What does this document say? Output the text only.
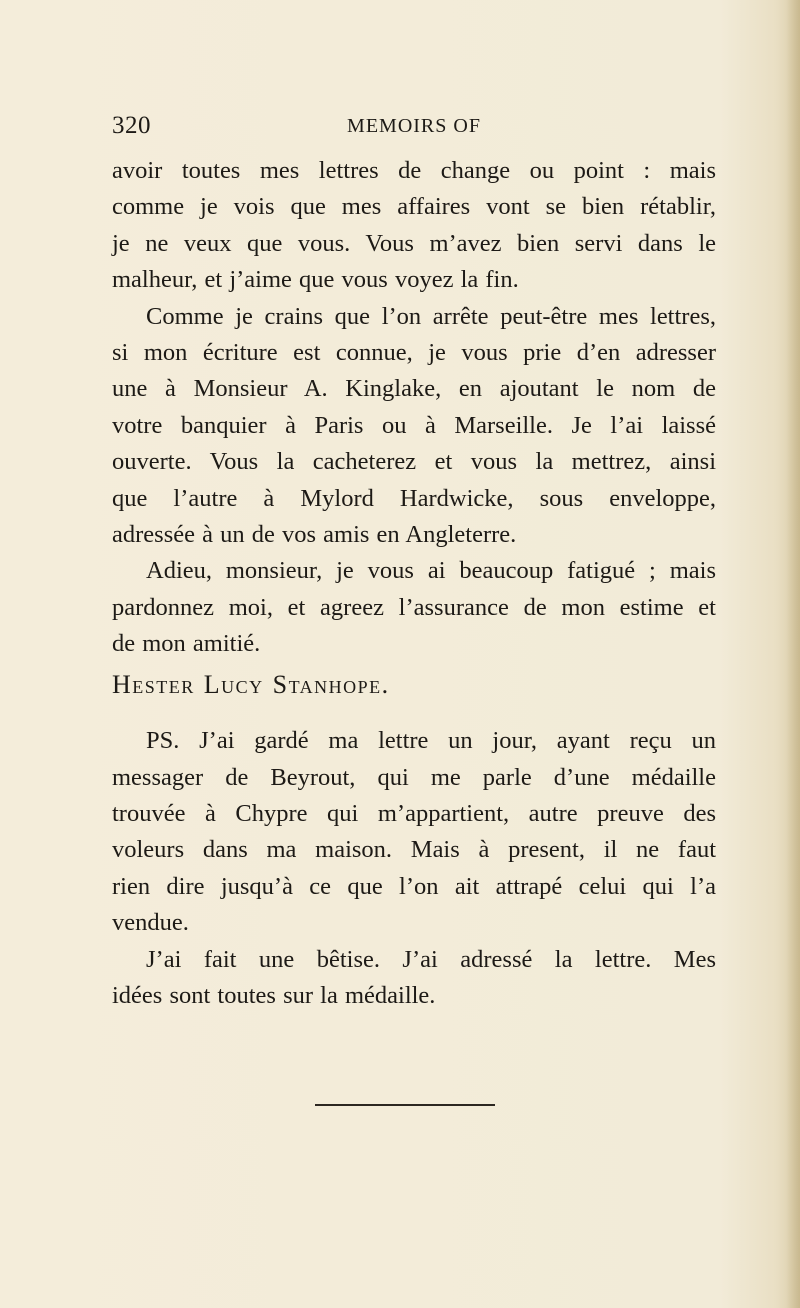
320	MEMOIRS OF

avoir toutes mes lettres de change ou point : mais
comme je vois que mes affaires vont se bien rétablir,
je ne veux que vous. Vous m’avez bien servi dans le
malheur, et j’aime que vous voyez la fin.

Comme je crains que l’on arrête peut-être mes lettres,
si mon écriture est connue, je vous prie d’en adresser
une à Monsieur A. Kinglake, en ajoutant le nom de
votre banquier à Paris ou à Marseille. Je l’ai laissé
ouverte. Vous la cacheterez et vous la mettrez, ainsi
que l’autre à Mylord Hardwicke, sous enveloppe,
adressée à un de vos amis en Angleterre.

Adieu, monsieur, je vous ai beaucoup fatigué ; mais
pardonnez moi, et agreez l’assurance de mon estime et
de mon amitié.

Hester Lucy Stanhope.

PS. J’ai gardé ma lettre un jour, ayant reçu un
messager de Beyrout, qui me parle d’une médaille
trouvée à Chypre qui m’appartient, autre preuve des
voleurs dans ma maison. Mais à present, il ne faut
rien dire jusqu’à ce que l’on ait attrapé celui qui l’a
vendue.

J’ai fait une bêtise. J’ai adressé la lettre. Mes
idées sont toutes sur la médaille.
